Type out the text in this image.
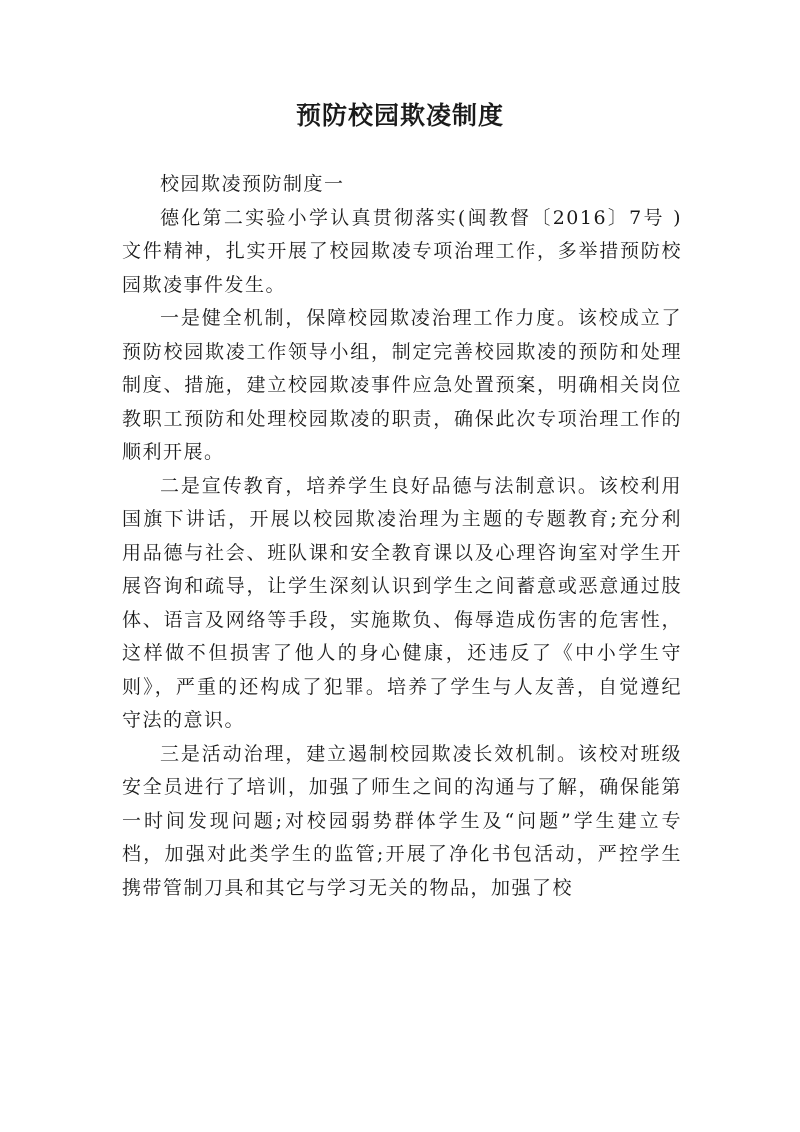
预防校园欺凌制度

校园欺凌预防制度一

德化第二实验小学认真贯彻落实(闽教督〔2016〕7号 )文件精神，扎实开展了校园欺凌专项治理工作，多举措预防校园欺凌事件发生。

一是健全机制，保障校园欺凌治理工作力度。该校成立了预防校园欺凌工作领导小组，制定完善校园欺凌的预防和处理制度、措施，建立校园欺凌事件应急处置预案，明确相关岗位教职工预防和处理校园欺凌的职责，确保此次专项治理工作的顺利开展。

二是宣传教育，培养学生良好品德与法制意识。该校利用国旗下讲话，开展以校园欺凌治理为主题的专题教育;充分利用品德与社会、班队课和安全教育课以及心理咨询室对学生开展咨询和疏导，让学生深刻认识到学生之间蓄意或恶意通过肢体、语言及网络等手段，实施欺负、侮辱造成伤害的危害性，这样做不但损害了他人的身心健康，还违反了《中小学生守则》，严重的还构成了犯罪。培养了学生与人友善，自觉遵纪守法的意识。

三是活动治理，建立遏制校园欺凌长效机制。该校对班级安全员进行了培训，加强了师生之间的沟通与了解，确保能第一时间发现问题;对校园弱势群体学生及“问题”学生建立专档，加强对此类学生的监管;开展了净化书包活动，严控学生携带管制刀具和其它与学习无关的物品，加强了校
